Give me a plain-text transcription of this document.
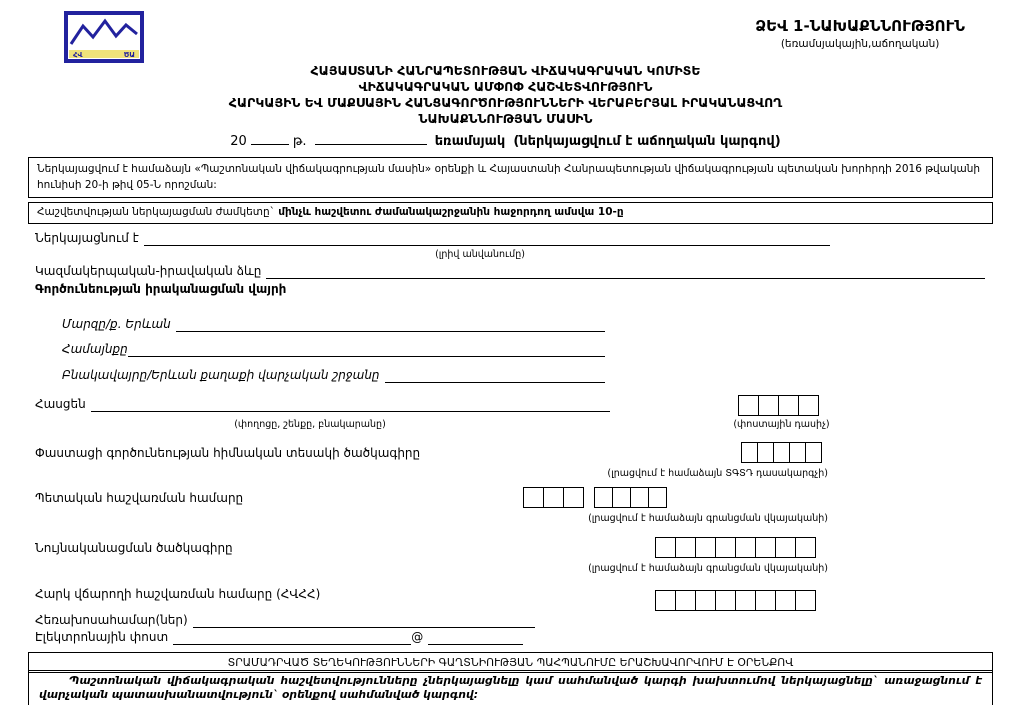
ՀՎ	ԾԱ
ՁԵՎ 1-ՆԱԽԱՔՆՆՈՒԹՅՈՒՆ
(եռամսյակային,աճողական)
ՀԱՅԱՍՏԱՆԻ ՀԱՆՐԱՊԵՏՈՒԹՅԱՆ ՎԻՃԱԿԱԳՐԱԿԱՆ ԿՈՄԻՏԵ
ՎԻՃԱԿԱԳՐԱԿԱՆ ԱՄՓՈՓ ՀԱՇՎԵՏՎՈՒԹՅՈՒՆ
ՀԱՐԿԱՅԻՆ ԵՎ ՄԱՔՍԱՅԻՆ ՀԱՆՑԱԳՈՐԾՈՒԹՅՈՒՆՆԵՐԻ ՎԵՐԱԲԵՐՅԱԼ ԻՐԱԿԱՆԱՑՎՈՂ
ՆԱԽԱՔՆՆՈՒԹՅԱՆ ՄԱՍԻՆ
20	թ.	եռամսյակ (ներկայացվում է աճողական կարգով)
Ներկայացվում է համաձայն «Պաշտոնական վիճակագրության մասին» օրենքի և Հայաստանի Հանրապետության վիճակագրության պետական խորհրդի 2016 թվականի հունիսի 20-ի թիվ 05-Ն որոշման:
Հաշվետվության ներկայացման ժամկետը` մինչև հաշվետու ժամանակաշրջանին հաջորդող ամսվա 10-ը
Ներկայացնում է
(լրիվ անվանումը)
Կազմակերպական-իրավական ձևը
Գործունեության իրականացման վայրի
Մարզը/ք. Երևան
Համայնքը
Բնակավայրը/Երևան քաղաքի վարչական շրջանը
Հասցեն
(փողոցը, շենքը, բնակարանը)	(փոստային դասիչ)
Փաստացի գործունեության հիմնական տեսակի ծածկագիրը
(լրացվում է համաձայն ՏԳՏԴ դասակարգչի)
Պետական հաշվառման համարը
(լրացվում է համաձայն գրանցման վկայականի)
Նույնականացման ծածկագիրը
(լրացվում է համաձայն գրանցման վկայականի)
Հարկ վճարողի հաշվառման համարը (ՀՎՀՀ)
Հեռախոսահամար(ներ)
Էլեկտրոնային փոստ	@
ՏՐԱՄԱԴՐՎԱԾ ՏԵՂԵԿՈՒԹՅՈՒՆՆԵՐԻ ԳԱՂՏՆԻՈՒԹՅԱՆ ՊԱՀՊԱՆՈՒՄԸ ԵՐԱՇԽԱՎՈՐՎՈՒՄ Է ՕՐԵՆՔՈՎ
Պաշտոնական վիճակագրական հաշվետվությունները չներկայացնելը կամ սահմանված կարգի խախտումով ներկայացնելը` առաջացնում է վարչական պատասխանատվություն` օրենքով սահմանված կարգով:
